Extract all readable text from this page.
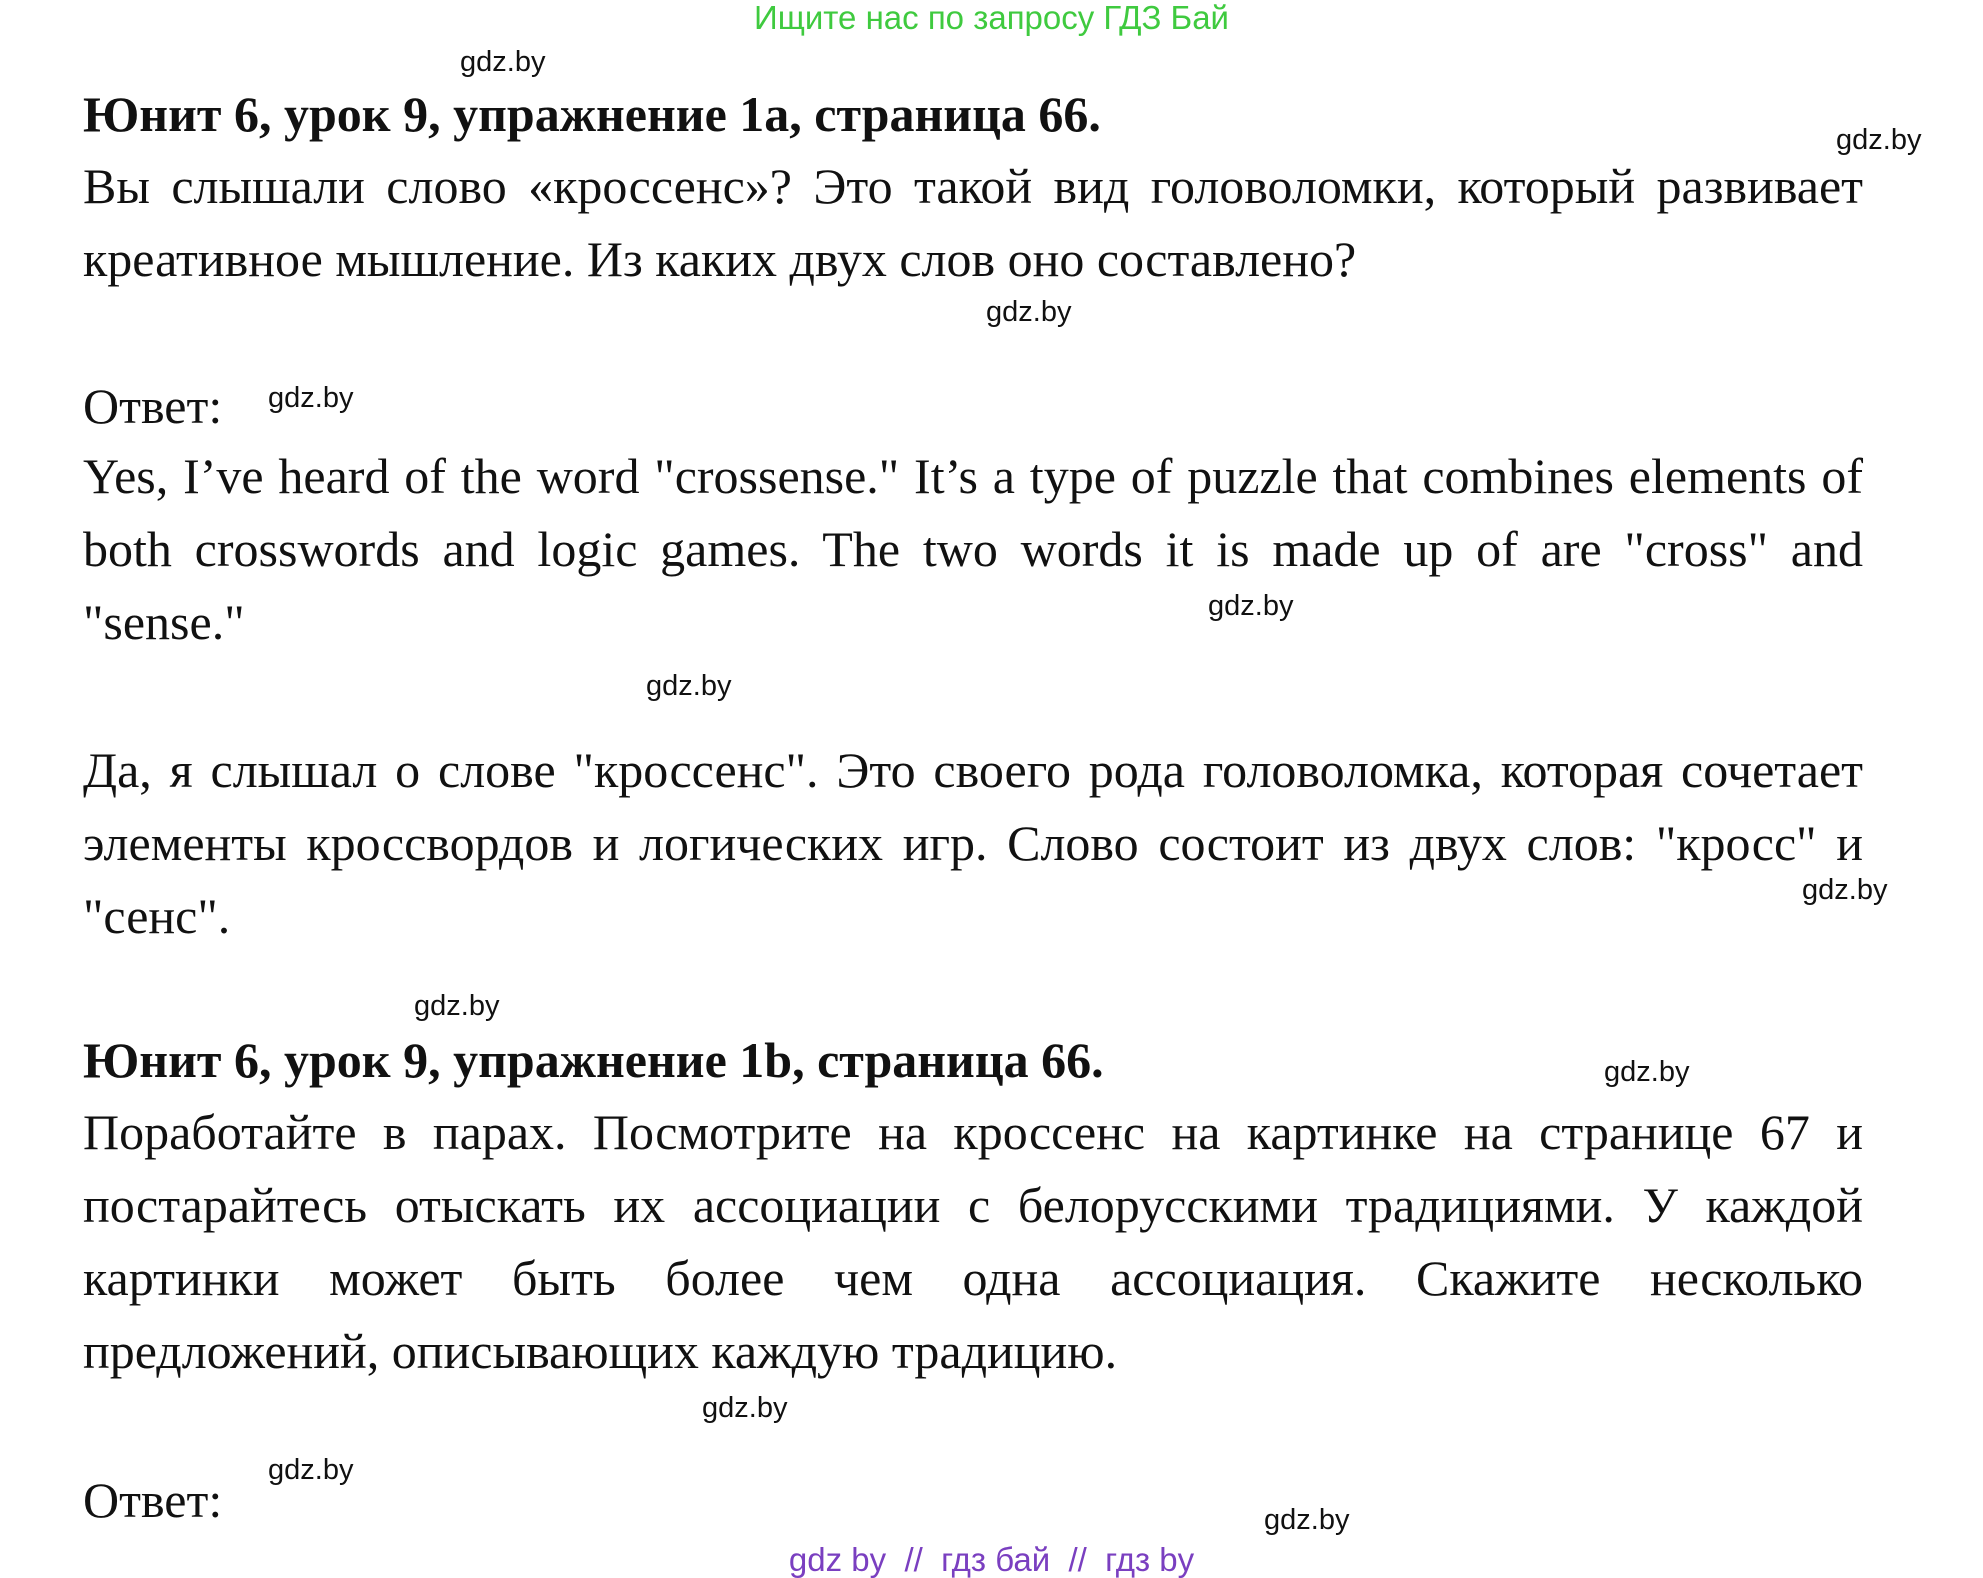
Ищите нас по запросу ГДЗ Бай
gdz.by
gdz.by
gdz.by
gdz.by
gdz.by
gdz.by
gdz.by
gdz.by
gdz.by
gdz.by
gdz.by
gdz.by
Юнит 6, урок 9, упражнение 1a, страница 66.
Вы слышали слово «кроссенс»? Это такой вид головоломки, который развивает креативное мышление. Из каких двух слов оно составлено?
Ответ:
Yes, I’ve heard of the word "crossense." It’s a type of puzzle that combines elements of both crosswords and logic games. The two words it is made up of are "cross" and "sense."
Да, я слышал о слове "кроссенс". Это своего рода головоломка, которая сочетает элементы кроссвордов и логических игр. Слово состоит из двух слов: "кросс" и "сенс".
Юнит 6, урок 9, упражнение 1b, страница 66.
Поработайте в парах. Посмотрите на кроссенс на картинке на странице 67 и постарайтесь отыскать их ассоциации с белорусскими традициями. У каждой картинки может быть более чем одна ассоциация. Скажите несколько предложений, описывающих каждую традицию.
Ответ:
gdz by  //  гдз бай  //  гдз by
